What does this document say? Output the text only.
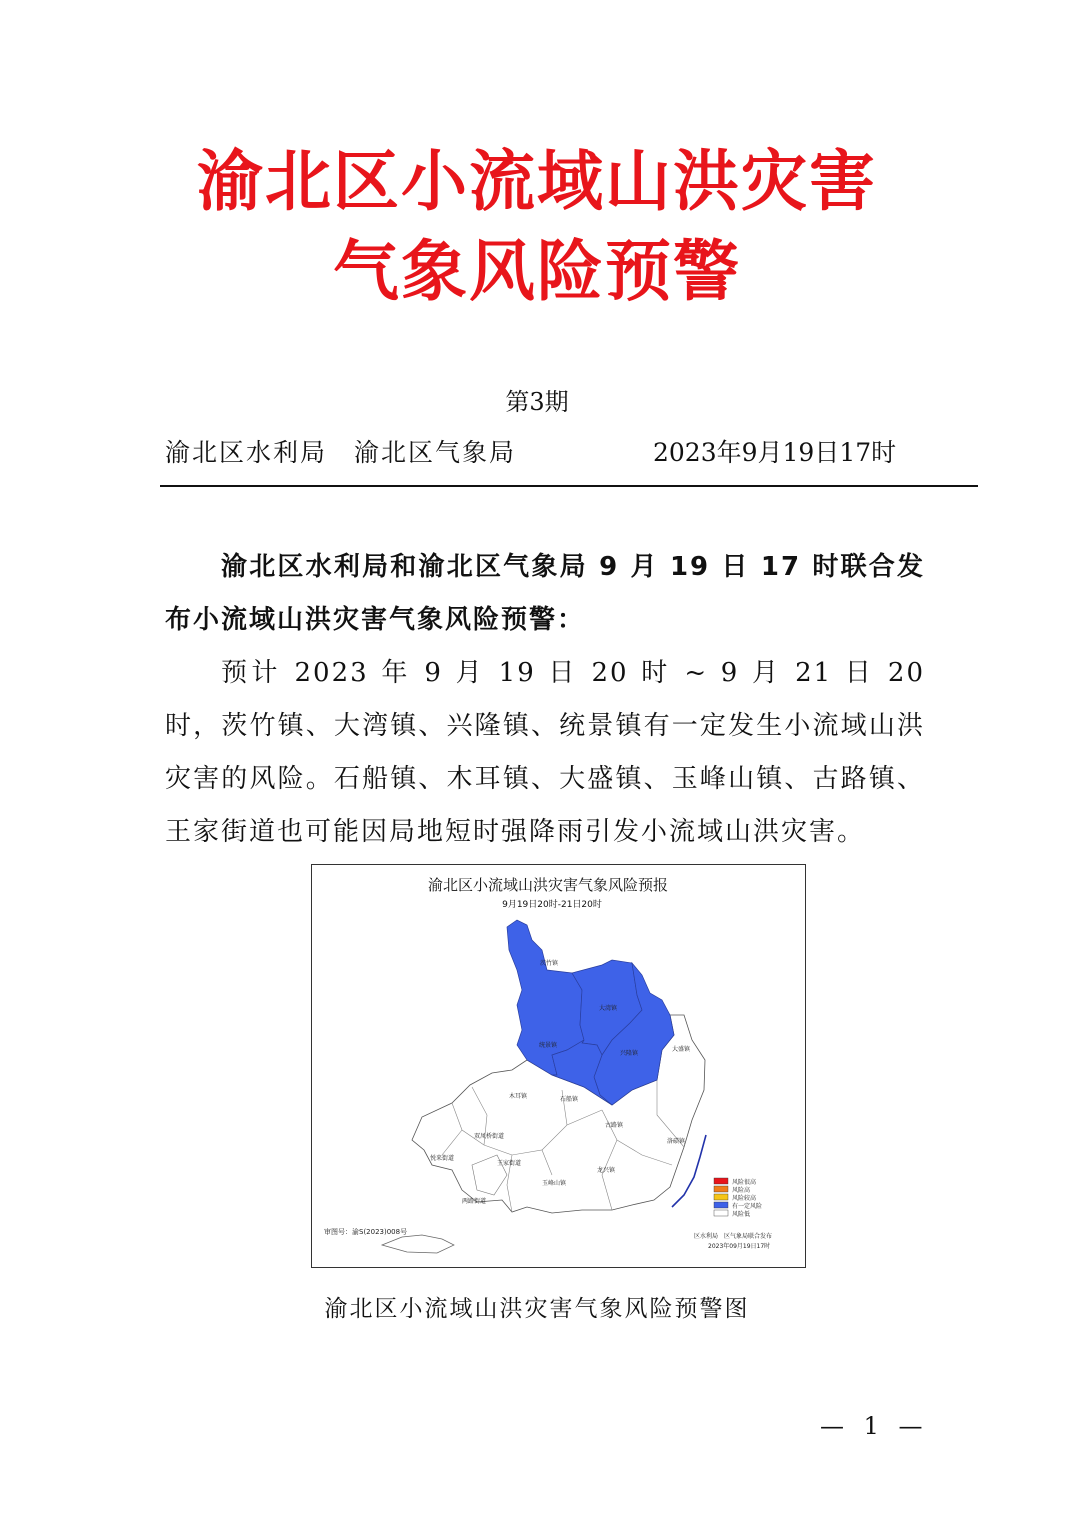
渝北区小流域山洪灾害
气象风险预警
第3期
渝北区水利局　渝北区气象局	2023年9月19日17时

渝北区水利局和渝北区气象局 9 月 19 日 17 时联合发布小流域山洪灾害气象风险预警：

预计 2023 年 9 月 19 日 20 时 ~ 9 月 21 日 20 时，茨竹镇、大湾镇、兴隆镇、统景镇有一定发生小流域山洪灾害的风险。石船镇、木耳镇、大盛镇、玉峰山镇、古路镇、王家街道也可能因局地短时强降雨引发小流域山洪灾害。

渝北区小流域山洪灾害气象风险预报
9月19日20时-21日20时
茨竹镇
大湾镇
统景镇
兴隆镇
大盛镇
木耳镇	石船镇
古路镇
洛碛镇
龙兴镇
玉峰山镇
王家街道
双凤桥街道
悦来街道
两路街道
风险很高
风险高
风险较高
有一定风险
风险低
区水利局　区气象局联合发布
2023年09月19日17时
审图号：渝S(2023)008号
渝北区小流域山洪灾害气象风险预警图
— 1 —
